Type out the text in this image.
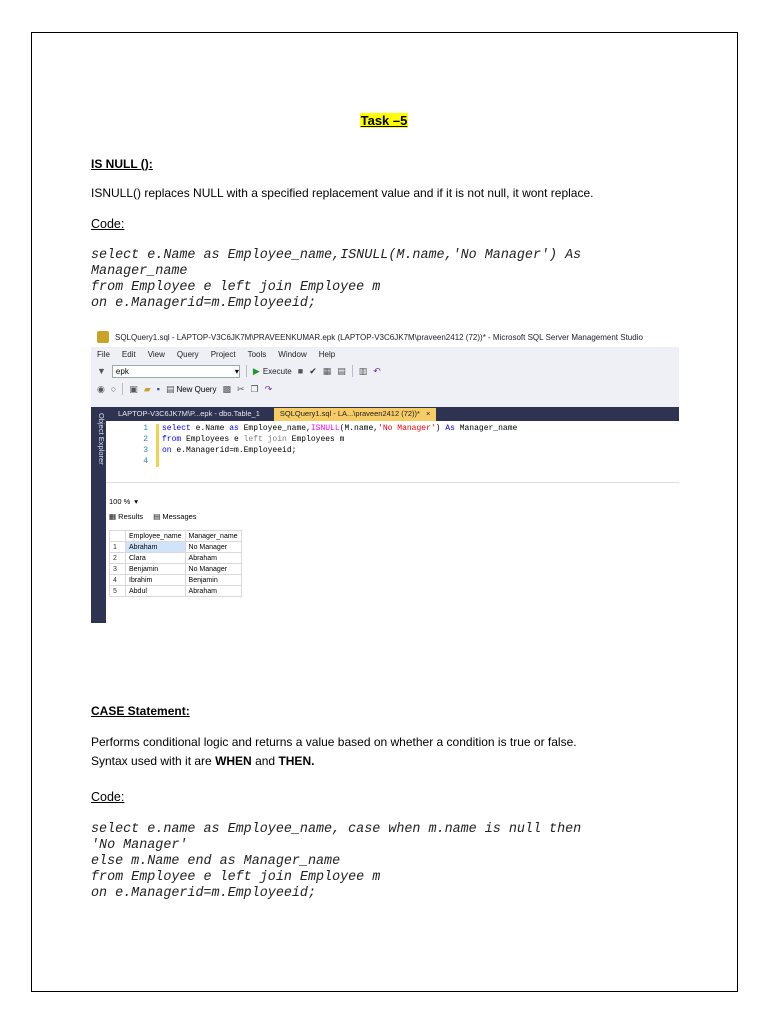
Task –5
IS NULL ():
ISNULL() replaces NULL with a specified replacement value and if it is not null, it wont replace.
Code:
select e.Name as Employee_name,ISNULL(M.name,'No Manager') As
Manager_name
from Employee e left join Employee m
on e.Managerid=m.Employeeid;
SQLQuery1.sql - LAPTOP-V3C6JK7M\PRAVEENKUMAR.epk (LAPTOP-V3C6JK7M\praveen2412 (72))* - Microsoft SQL Server Management Studio
File Edit View Query Project Tools Window Help
▼ epk	▾ ▶ Execute ■ ✔ ▦ ▤ ▥ ↶
◉ ○ ▣ ▰ ▪ ▤ New Query ▩ ✂ ❐ ↷
Object Explorer	LAPTOP-V3C6JK7M\P...epk - dbo.Table_1	SQLQuery1.sql - LA...\praveen2412 (72))* ×
1 select e.Name as Employee_name,ISNULL(M.name,'No Manager') As Manager_name
2 from Employees e left join Employees m
3 on e.Managerid=m.Employeeid;
4
100 % ▾
▦ Results ▤ Messages
	Employee_name	Manager_name
1	Abraham	No Manager
2	Clara	Abraham
3	Benjamin	No Manager
4	Ibrahim	Benjamin
5	Abdul	Abraham
CASE Statement:
Performs conditional logic and returns a value based on whether a condition is true or false.
Syntax used with it are WHEN and THEN.
Code:
select e.name as Employee_name, case when m.name is null then
'No Manager'
else m.Name end as Manager_name
from Employee e left join Employee m
on e.Managerid=m.Employeeid;
